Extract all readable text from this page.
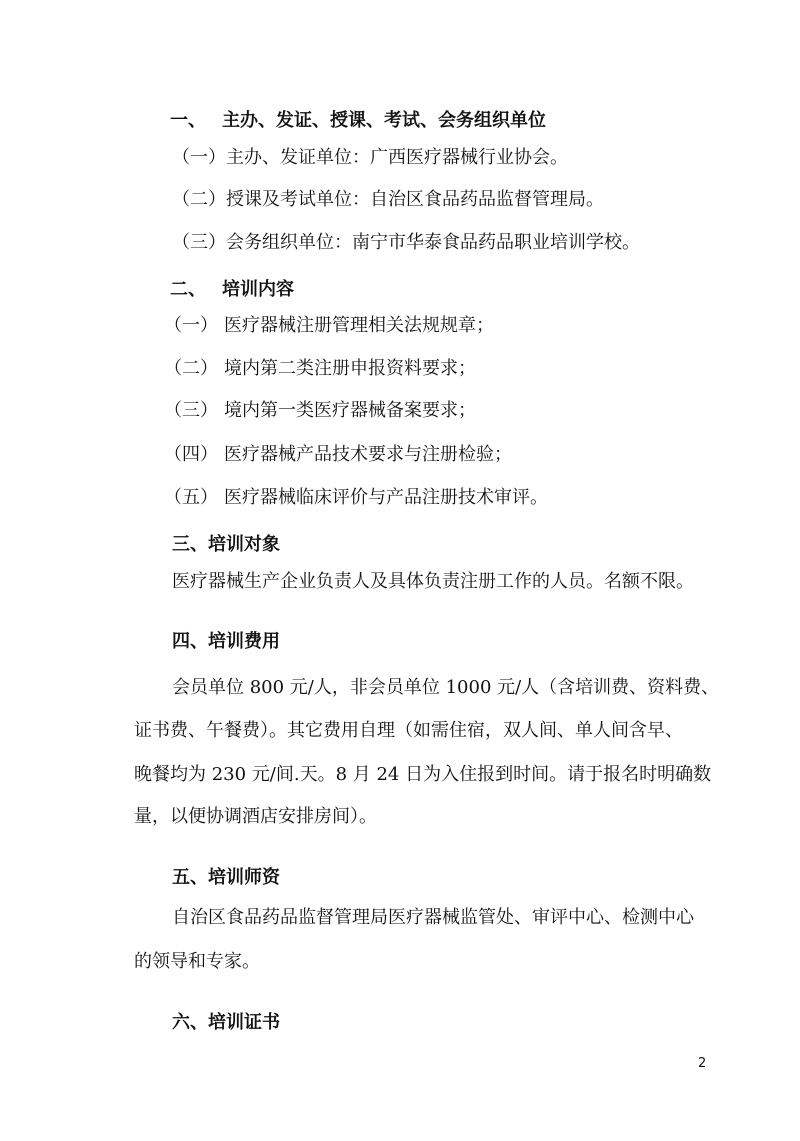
一、 主办、发证、授课、考试、会务组织单位
（一）主办、发证单位：广西医疗器械行业协会。
（二）授课及考试单位：自治区食品药品监督管理局。
（三）会务组织单位：南宁市华泰食品药品职业培训学校。
二、 培训内容
（一） 医疗器械注册管理相关法规规章；
（二） 境内第二类注册申报资料要求；
（三） 境内第一类医疗器械备案要求；
（四） 医疗器械产品技术要求与注册检验；
（五） 医疗器械临床评价与产品注册技术审评。
三、培训对象
医疗器械生产企业负责人及具体负责注册工作的人员。名额不限。
四、培训费用
会员单位 800 元/人，非会员单位 1000 元/人（含培训费、资料费、
证书费、午餐费）。其它费用自理（如需住宿，双人间、单人间含早、
晚餐均为 230 元/间.天。8 月 24 日为入住报到时间。请于报名时明确数
量，以便协调酒店安排房间）。
五、培训师资
自治区食品药品监督管理局医疗器械监管处、审评中心、检测中心
的领导和专家。
六、培训证书
2
